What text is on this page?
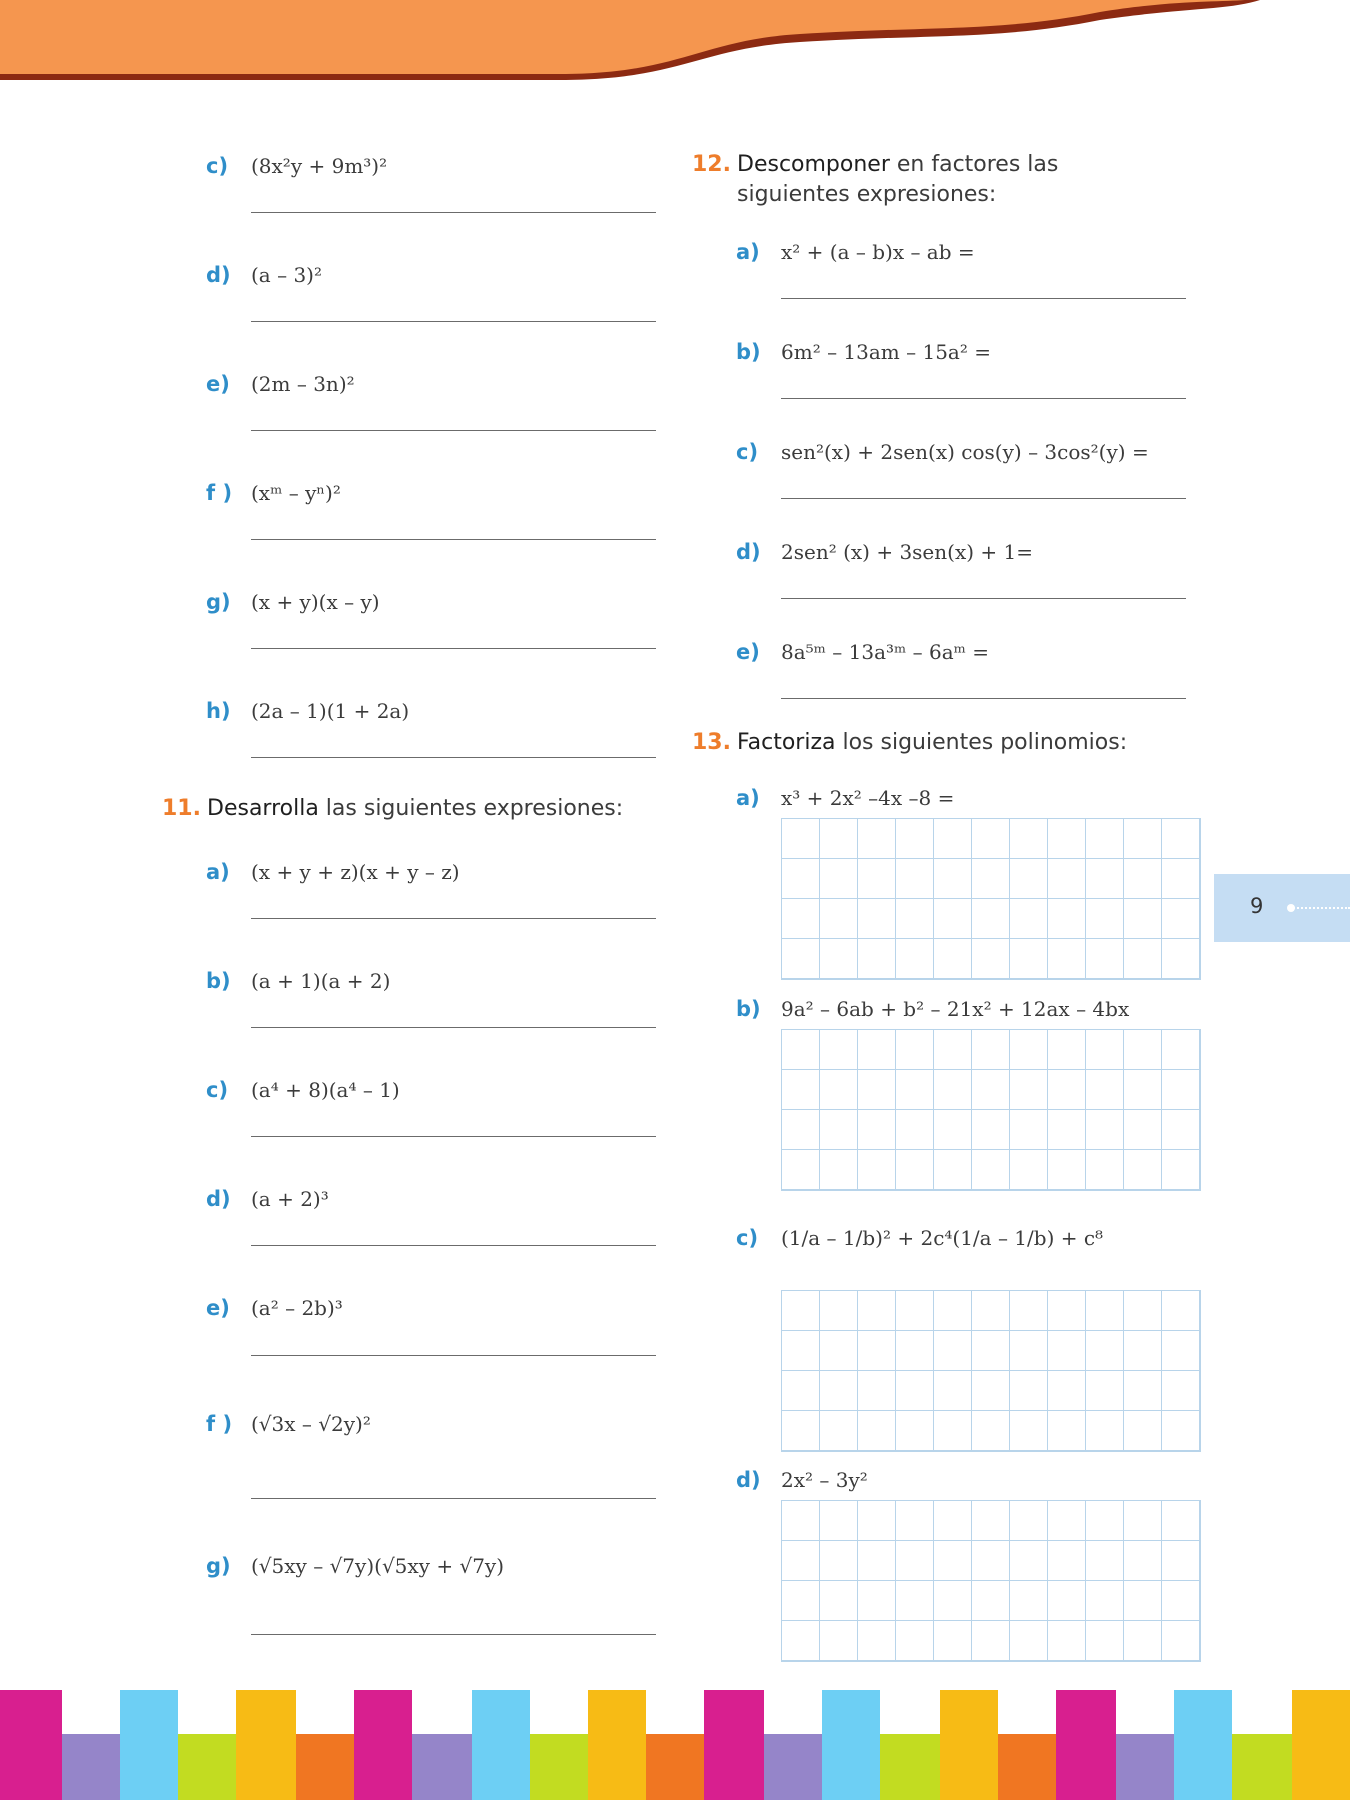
c)	(8x²y + 9m³)²
d)	(a – 3)²
e)	(2m – 3n)²
f ) (xᵐ – yⁿ)²
g)	(x + y)(x – y)
h)	(2a – 1)(1 + 2a)
11. Desarrolla las siguientes expresiones:
a)	(x + y + z)(x + y – z)
b)	(a + 1)(a + 2)
c)	(a⁴ + 8)(a⁴ – 1)
d)	(a + 2)³
e)	(a² – 2b)³
f ) (√3x – √2y)²
g)	(√5xy – √7y)(√5xy + √7y)
12. Descomponer en factores las siguientes expresiones:
a)	x² + (a – b)x – ab =
b)	6m² – 13am – 15a² =
c)	sen²(x) + 2sen(x) cos(y) – 3cos²(y) =
d)	2sen² (x) + 3sen(x) + 1=
e)	8a⁵ᵐ – 13a³ᵐ – 6aᵐ =
13. Factoriza los siguientes polinomios:
a)	x³ + 2x² –4x –8 =
b)	9a² – 6ab + b² – 21x² + 12ax – 4bx
c)	(1/a – 1/b)² + 2c⁴(1/a – 1/b) + c⁸
d)	2x² – 3y²
9
